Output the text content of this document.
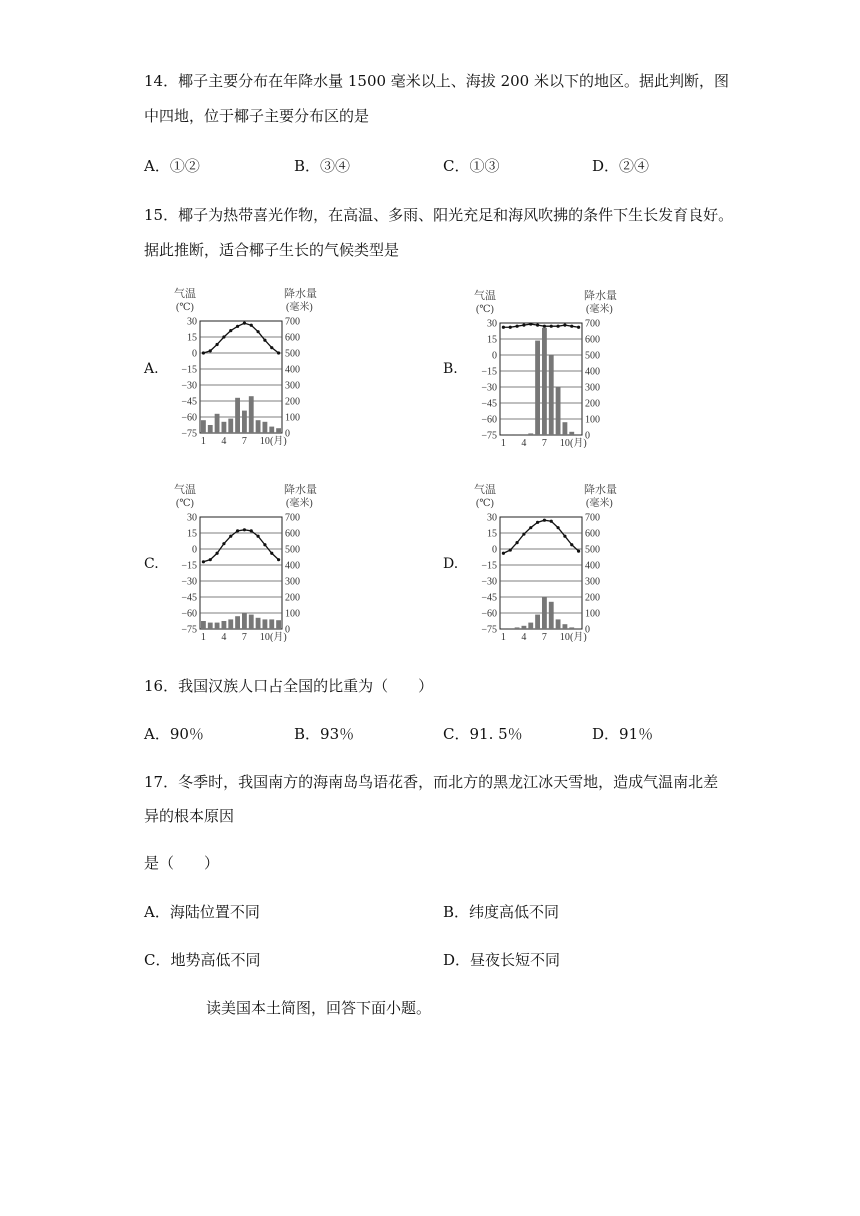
14．椰子主要分布在年降水量 1500 毫米以上、海拔 200 米以下的地区。据此判断，图
中四地，位于椰子主要分布区的是
A．①②	B．③④	C．①③	D．②④
15．椰子为热带喜光作物，在高温、多雨、阳光充足和海风吹拂的条件下生长发育良好。
据此推断，适合椰子生长的气候类型是
A.	B.
C.	D.
气温
(℃)
降水量
(毫米)
30	700
15	600
0	500
−15	400
−30	300
−45	200
−60	100
−75	0
1 4 7 10 (月)
气温
(℃)
降水量
(毫米)
30	700
15	600
0	500
−15	400
−30	300
−45	200
−60	100
−75	0
1 4 7 10 (月)
气温
(℃)
降水量
(毫米)
30	700
15	600
0	500
−15	400
−30	300
−45	200
−60	100
−75	0
1 4 7 10 (月)
气温
(℃)
降水量
(毫米)
30	700
15	600
0	500
−15	400
−30	300
−45	200
−60	100
−75	0
1 4 7 10 (月)
16．我国汉族人口占全国的比重为（　　）
A．90％	B．93％	C．91. 5％	D．91％
17．冬季时，我国南方的海南岛鸟语花香，而北方的黑龙江冰天雪地，造成气温南北差
异的根本原因
是（　　）
A．海陆位置不同	B．纬度高低不同
C．地势高低不同	D．昼夜长短不同
读美国本土简图，回答下面小题。
